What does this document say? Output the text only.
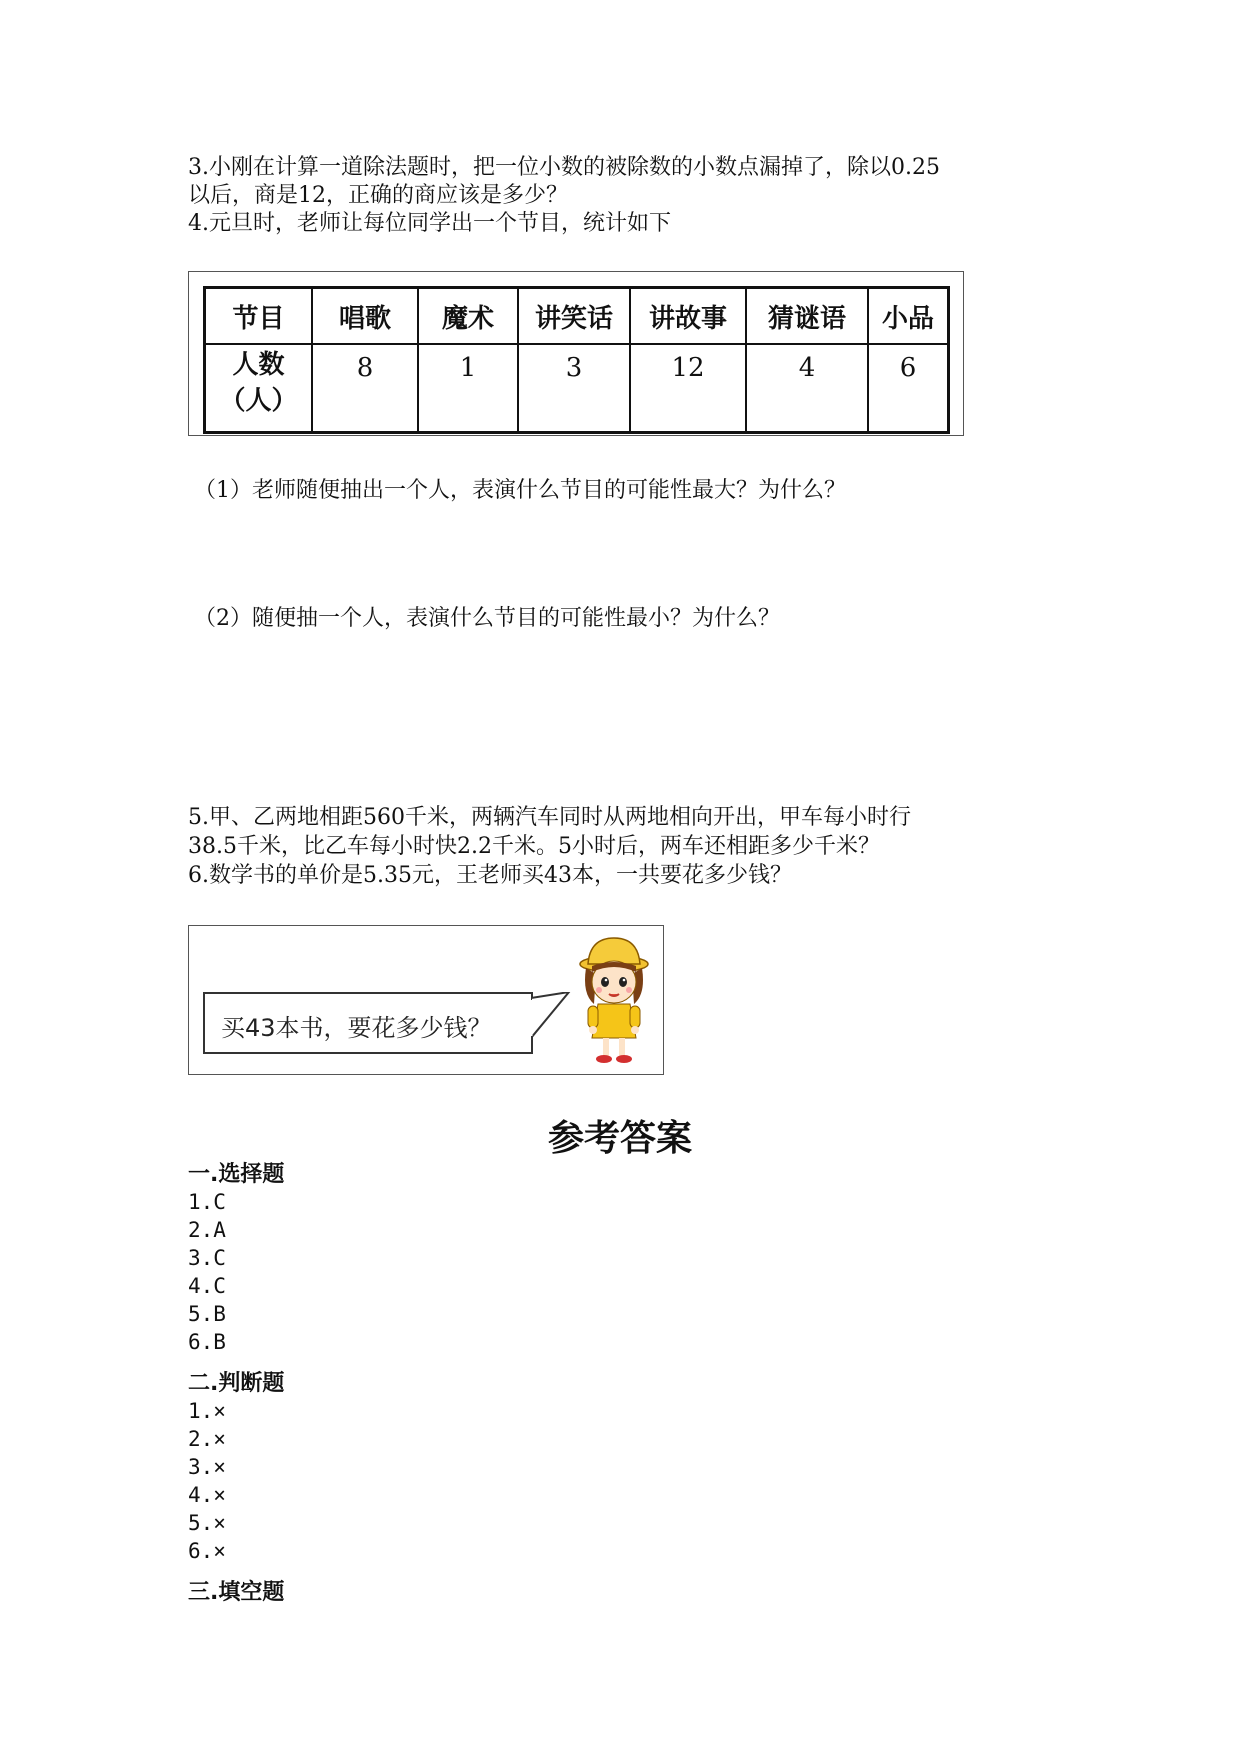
3.小刚在计算一道除法题时，把一位小数的被除数的小数点漏掉了，除以0.25
以后，商是12，正确的商应该是多少？
4.元旦时，老师让每位同学出一个节目，统计如下
节目	唱歌	魔术	讲笑话	讲故事	猜谜语	小品

人数
（人）	8	1	3	12	4	6
（1）老师随便抽出一个人，表演什么节目的可能性最大？为什么？
（2）随便抽一个人，表演什么节目的可能性最小？为什么？
5.甲、乙两地相距560千米，两辆汽车同时从两地相向开出，甲车每小时行
38.5千米，比乙车每小时快2.2千米。5小时后，两车还相距多少千米？
6.数学书的单价是5.35元，王老师买43本，一共要花多少钱？
买43本书，要花多少钱？
参考答案
一.选择题
1.C
2.A
3.C
4.C
5.B
6.B
二.判断题
1.×
2.×
3.×
4.×
5.×
6.×
三.填空题
